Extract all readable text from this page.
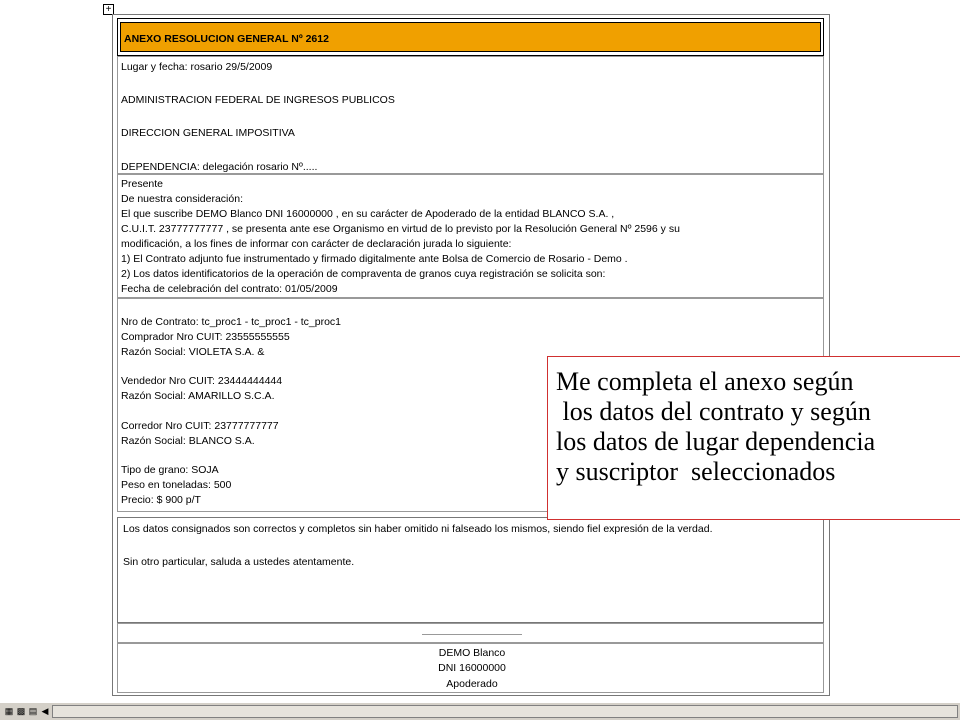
+
ANEXO RESOLUCION GENERAL Nº 2612
Lugar y fecha: rosario 29/5/2009
ADMINISTRACION FEDERAL DE INGRESOS PUBLICOS
DIRECCION GENERAL IMPOSITIVA
DEPENDENCIA: delegación rosario Nº.....
Presente
De nuestra consideración:
El que suscribe DEMO Blanco DNI 16000000 , en su carácter de Apoderado de la entidad BLANCO S.A. ,
C.U.I.T. 23777777777 , se presenta ante ese Organismo en virtud de lo previsto por la Resolución General Nº 2596 y su
modificación, a los fines de informar con carácter de declaración jurada lo siguiente:
1) El Contrato adjunto fue instrumentado y firmado digitalmente ante Bolsa de Comercio de Rosario - Demo .
2) Los datos identificatorios de la operación de compraventa de granos cuya registración se solicita son:
Fecha de celebración del contrato: 01/05/2009
Nro de Contrato: tc_proc1 - tc_proc1 - tc_proc1
Comprador Nro CUIT: 23555555555
Razón Social: VIOLETA S.A. &
Vendedor Nro CUIT: 23444444444
Razón Social: AMARILLO S.C.A.
Corredor Nro CUIT: 23777777777
Razón Social: BLANCO S.A.
Tipo de grano: SOJA
Peso en toneladas: 500
Precio: $ 900 p/T
Los datos consignados son correctos y completos sin haber omitido ni falseado los mismos, siendo fiel expresión de la verdad.
Sin otro particular, saluda a ustedes atentamente.
DEMO Blanco
DNI 16000000
Apoderado
Me completa el anexo según
los datos del contrato y según
los datos de lugar dependencia
y suscriptor  seleccionados
▦ ▩ ▤ ◀
